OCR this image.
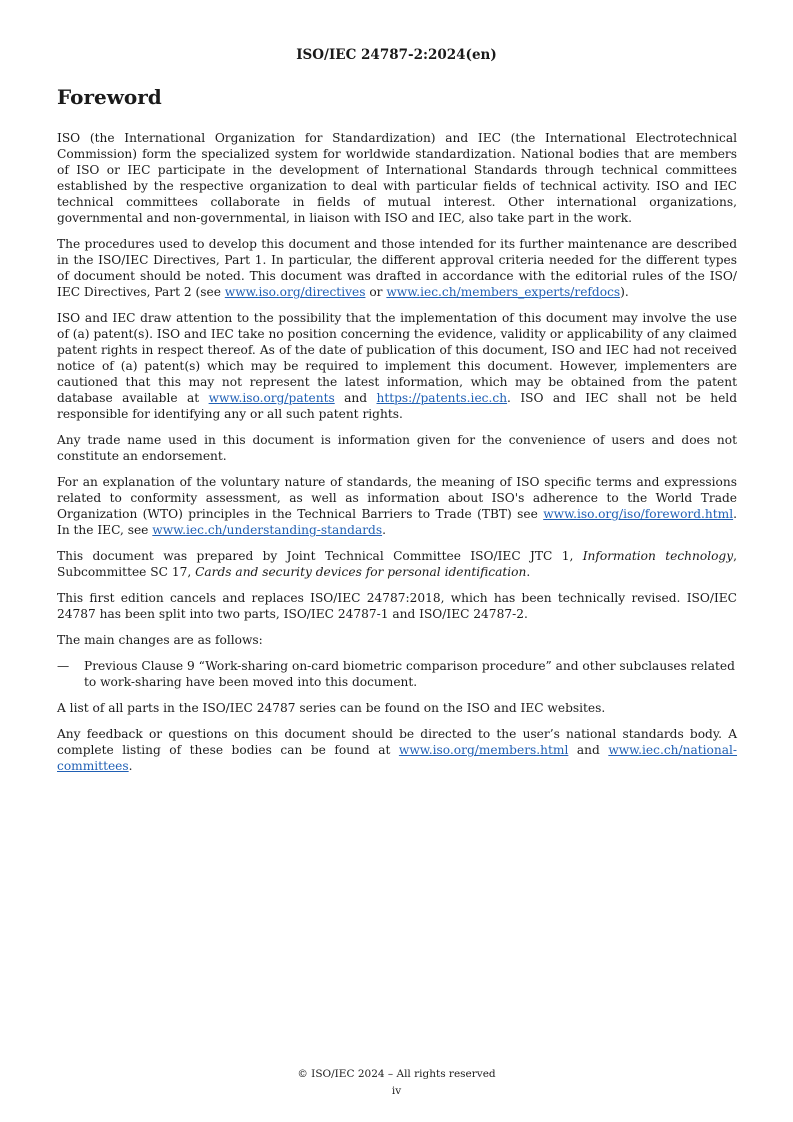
ISO/IEC 24787-2:2024(en)
Foreword

ISO (the International Organization for Standardization) and IEC (the International Electrotechnical Commission) form the specialized system for worldwide standardization. National bodies that are members of ISO or IEC participate in the development of International Standards through technical committees established by the respective organization to deal with particular fields of technical activity. ISO and IEC technical committees collaborate in fields of mutual interest. Other international organizations, governmental and non-governmental, in liaison with ISO and IEC, also take part in the work.

The procedures used to develop this document and those intended for its further maintenance are described in the ISO/IEC Directives, Part 1. In particular, the different approval criteria needed for the different types of document should be noted. This document was drafted in accordance with the editorial rules of the ISO/ IEC Directives, Part 2 (see www.iso.org/directives or www.iec.ch/members_experts/refdocs).

ISO and IEC draw attention to the possibility that the implementation of this document may involve the use of (a) patent(s). ISO and IEC take no position concerning the evidence, validity or applicability of any claimed patent rights in respect thereof. As of the date of publication of this document, ISO and IEC had not received notice of (a) patent(s) which may be required to implement this document. However, implementers are cautioned that this may not represent the latest information, which may be obtained from the patent database available at www.iso.org/patents and https://patents.iec.ch. ISO and IEC shall not be held responsible for identifying any or all such patent rights.

Any trade name used in this document is information given for the convenience of users and does not constitute an endorsement.

For an explanation of the voluntary nature of standards, the meaning of ISO specific terms and expressions related to conformity assessment, as well as information about ISO's adherence to the World Trade Organization (WTO) principles in the Technical Barriers to Trade (TBT) see www.iso.org/iso/foreword.html. In the IEC, see www.iec.ch/understanding-standards.

This document was prepared by Joint Technical Committee ISO/IEC JTC 1, Information technology, Subcommittee SC 17, Cards and security devices for personal identification.

This first edition cancels and replaces ISO/IEC 24787:2018, which has been technically revised. ISO/IEC 24787 has been split into two parts, ISO/IEC 24787-1 and ISO/IEC 24787-2.

The main changes are as follows:

—	Previous Clause 9 “Work-sharing on-card biometric comparison procedure” and other subclauses related to work-sharing have been moved into this document.

A list of all parts in the ISO/IEC 24787 series can be found on the ISO and IEC websites.

Any feedback or questions on this document should be directed to the user’s national standards body. A complete listing of these bodies can be found at www.iso.org/members.html and www.iec.ch/national-committees.

© ISO/IEC 2024 – All rights reserved
iv
